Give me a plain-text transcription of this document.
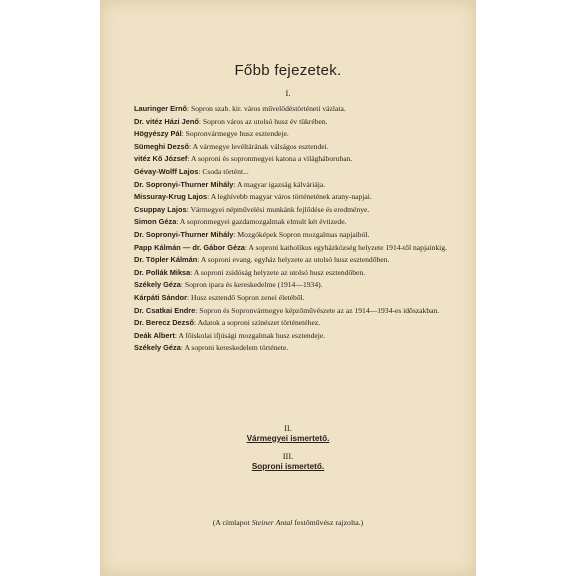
Főbb fejezetek.
I.
Lauringer Ernő: Sopron szab. kir. város művelődéstörténeti vázlata.
Dr. vitéz Házi Jenő: Sopron város az utolsó husz év tükrében.
Högyészy Pál: Sopronvármegye husz esztendeje.
Sümeghi Dezső: A vármegye levéltárának válságos esztendei.
vitéz Kő József: A soproni és sopronmegyei katona a világháboruban.
Gévay-Wolff Lajos: Csoda történt...
Dr. Sopronyi-Thurner Mihály: A magyar igazság kálváriája.
Missuray-Krug Lajos: A leghívebb magyar város történetének arany-napjai.
Csuppay Lajos: Vármegyei népművelési munkánk fejlődése és eredménye.
Simon Géza: A sopronmegyei gazdamozgalmak elmult két évtizede.
Dr. Sopronyi-Thurner Mihály: Mozgóképek Sopron mozgalmas napjaiból.
Papp Kálmán — dr. Gábor Géza: A soproni katholikus egyházközség helyzete 1914-től napjainkig.
Dr. Töpler Kálmán: A soproni evang. egyház helyzete az utolsó husz esztendőben.
Dr. Pollák Miksa: A soproni zsidóság helyzete az utolsó husz esztendőben.
Székely Géza: Sopron ipara és kereskedelme (1914—1934).
Kárpáti Sándor: Husz esztendő Sopron zenei életéből.
Dr. Csatkai Endre: Sopron és Sopronvármegye képzőművészete az az 1914—1934-es időszakban.
Dr. Berecz Dezső: Adatok a soproni színészet történetéhez.
Deák Albert: A főiskolai ifjúsági mozgalmak husz esztendeje.
Székely Géza: A soproni kereskedelem története.
II.
Vármegyei ismertető.
III.
Soproni ismertető.
(A címlapot Steiner Antal festőművész rajzolta.)
